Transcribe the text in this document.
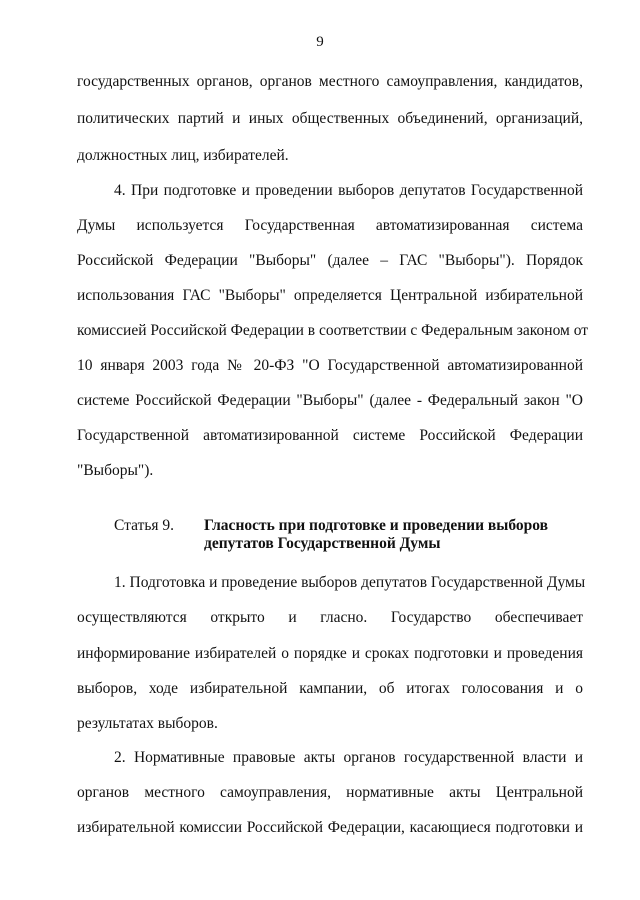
9
государственных органов, органов местного самоуправления, кандидатов,
политических партий и иных общественных объединений, организаций,
должностных лиц, избирателей.
4. При подготовке и проведении выборов депутатов Государственной
Думы используется Государственная автоматизированная система
Российской Федерации "Выборы" (далее – ГАС "Выборы"). Порядок
использования ГАС "Выборы" определяется Центральной избирательной
комиссией Российской Федерации в соответствии с Федеральным законом от
10 января 2003 года № 20-ФЗ "О Государственной автоматизированной
системе Российской Федерации "Выборы" (далее - Федеральный закон "О
Государственной автоматизированной системе Российской Федерации
"Выборы").
Статья 9. Гласность при подготовке и проведении выборов
депутатов Государственной Думы
1. Подготовка и проведение выборов депутатов Государственной Думы
осуществляются открыто и гласно. Государство обеспечивает
информирование избирателей о порядке и сроках подготовки и проведения
выборов, ходе избирательной кампании, об итогах голосования и о
результатах выборов.
2. Нормативные правовые акты органов государственной власти и
органов местного самоуправления, нормативные акты Центральной
избирательной комиссии Российской Федерации, касающиеся подготовки и
